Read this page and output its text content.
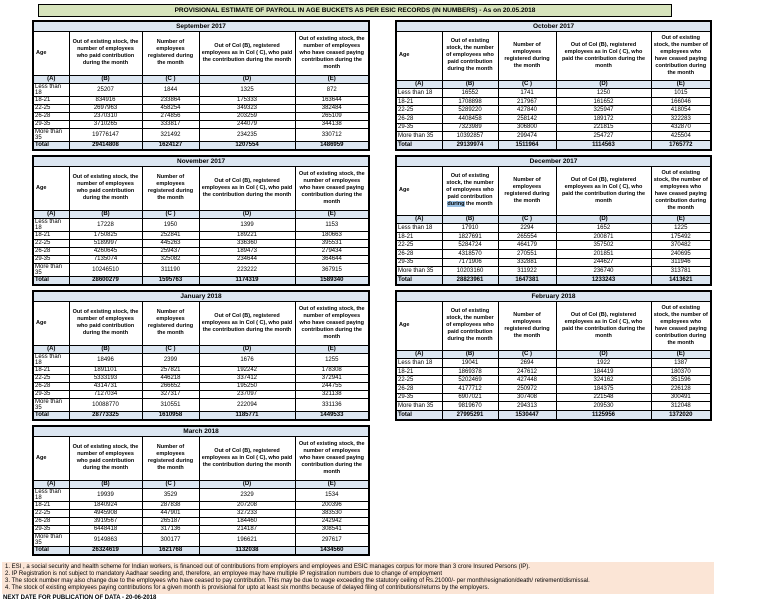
PROVISIONAL ESTIMATE OF PAYROLL IN AGE BUCKETS AS PER ESIC RECORDS (IN NUMBERS) - As on 20.05.2018
September 2017				
Age	Out of existing stock, the number of employees who paid contribution during the month	Number of employees registered during the month	Out of Col (B), registered employees as in Col ( C), who paid the contribution during the month	Out of existing stock, the number of employees who have ceased paying contribution during the month
(A)	(B)	(C )	(D)	(E)
Less than 18	25207	1844	1325	872
18-21	834916	233864	175333	163644
22-25	2697963	458254	349323	382484
26-28	2370310	274856	203259	265109
29-35	3710265	333817	244079	344138
More than 35	19776147	321492	234235	330712
Total	29414808	1624127	1207554	1486959
October 2017				
Age	Out of existing stock, the number of employees who paid contribution during the month	Number of employees registered during the month	Out of Col (B), registered employees as in Col ( C), who paid the contribution during the month	Out of existing stock, the number of employees who have ceased paying contribution during the month
(A)	(B)	(C )	(D)	(E)
Less than 18	16552	1741	1250	1015
18-21	1708898	217967	161652	166046
22-25	5289220	427840	325947	418054
26-28	4408458	258142	189172	322283
29-35	7323989	306800	221815	432870
More than 35	10392857	299474	254727	425504
Total	29139974	1511964	1114563	1765772
November 2017				
Age	Out of existing stock, the number of employees who paid contribution during the month	Number of employees registered during the month	Out of Col (B), registered employees as in Col ( C), who paid the contribution during the month	Out of existing stock, the number of employees who have ceased paying contribution during the month
(A)	(B)	(C )	(D)	(E)
Less than 18	17228	1950	1399	1153
18-21	1750825	252841	189221	180663
22-25	5189997	445263	336360	395531
26-28	4260645	259437	189473	279434
29-35	7135074	325082	234644	364644
More than 35	10246510	311190	223222	367915
Total	28600279	1595763	1174319	1589340
December 2017				
Age	Out of existing stock, the number of employees who paid contribution during the month	Number of employees registered during the month	Out of Col (B), registered employees as in Col ( C), who paid the contribution during the month	Out of existing stock, the number of employees who have ceased paying contribution during the month
(A)	(B)	(C )	(D)	(E)
Less than 18	17910	2294	1652	1225
18-21	1827691	265554	200871	175492
22-25	5284724	464179	357502	370482
26-28	4318570	270551	201851	240695
29-35	7171906	332881	244627	311946
More than 35	10203160	311922	236740	313781
Total	28823961	1647381	1233243	1413621
January 2018				
Age	Out of existing stock, the number of employees who paid contribution during the month	Number of employees registered during the month	Out of Col (B), registered employees as in Col ( C), who paid the contribution during the month	Out of existing stock, the number of employees who have ceased paying contribution during the month
(A)	(B)	(C )	(D)	(E)
Less than 18	18496	2399	1676	1255
18-21	1891101	257821	192242	178308
22-25	5333193	446218	337412	372941
26-28	4314731	266652	195250	244755
29-35	7127034	327317	237097	321138
More than 35	10088770	310551	222094	331136
Total	28773325	1610958	1185771	1449533
February 2018				
Age	Out of existing stock, the number of employees who paid contribution during the month	Number of employees registered during the month	Out of Col (B), registered employees as in Col ( C), who paid the contribution during the month	Out of existing stock, the number of employees who have ceased paying contribution during the month
(A)	(B)	(C )	(D)	(E)
Less than 18	19041	2694	1922	1387
18-21	1869378	247612	184419	180370
22-25	5202469	427448	324162	351596
26-28	4177712	250972	184375	226128
29-35	6907021	307408	221548	300491
More than 35	9819670	294313	209530	312048
Total	27995291	1530447	1125956	1372020
March 2018				
Age	Out of existing stock, the number of employees who paid contribution during the month	Number of employees registered during the month	Out of Col (B), registered employees as in Col ( C), who paid the contribution during the month	Out of existing stock, the number of employees who have ceased paying contribution during the month
(A)	(B)	(C )	(D)	(E)
Less than 18	19939	3529	2329	1534
18-21	1840924	287838	207208	200396
22-25	4945908	447901	327233	383530
26-28	3919567	265187	184460	242942
29-35	6448418	317136	214187	308541
More than 35	9149863	300177	196621	297617
Total	26324619	1621768	1132038	1434560
1. ESI , a social security and health scheme for Indian workers, is financed out of contributions from employers and employees and ESIC manages corpus for more than 3 crore Insured Persons (IP).
2. IP Registration is not subject to mandatory Aadhaar seeding and, therefore, an employee may have multiple IP registration numbers due to change of employment
3. The stock number may also change due to the employees who have ceased to pay contribution. This may be due to wage exceeding the statutory ceiling of Rs.21000/- per month/resignation/death/ retirement/dismissal.
4. The stock of existing employees paying contributions for a given month is provisional for upto at least six months because of delayed filing of contributions/returns by the employers.
NEXT DATE FOR PUBLICATION OF DATA - 20-06-2018
